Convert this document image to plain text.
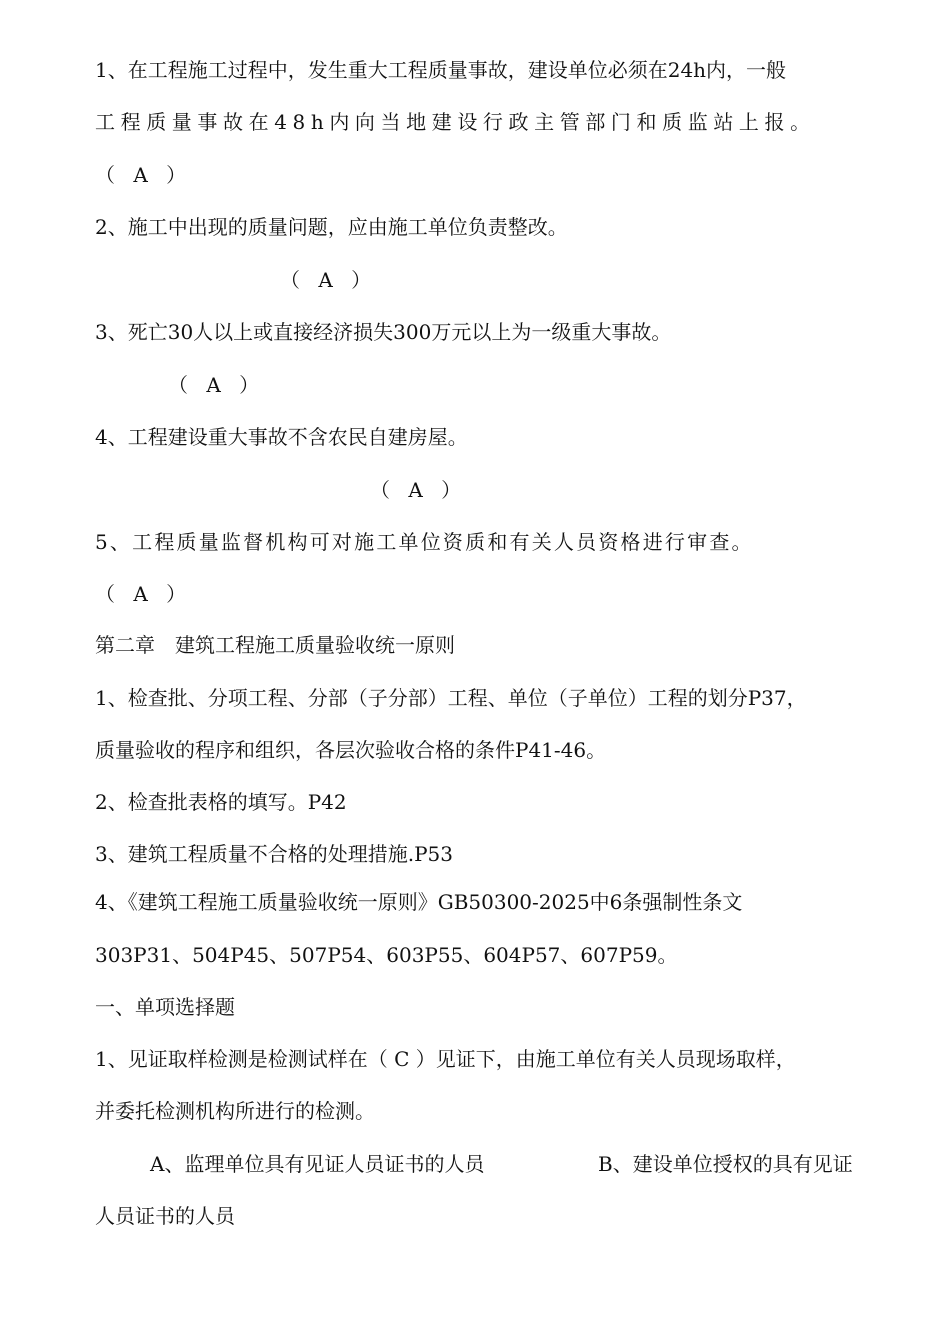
1、在工程施工过程中，发生重大工程质量事故，建设单位必须在24h内，一般

工程质量事故在48h内向当地建设行政主管部门和质监站上报。

（ A ）

2、施工中出现的质量问题，应由施工单位负责整改。

（ A ）

3、死亡30人以上或直接经济损失300万元以上为一级重大事故。

（ A ）

4、工程建设重大事故不含农民自建房屋。

（ A ）

5、工程质量监督机构可对施工单位资质和有关人员资格进行审查。

（ A ）

第二章　建筑工程施工质量验收统一原则

1、检查批、分项工程、分部（子分部）工程、单位（子单位）工程的划分P37，

质量验收的程序和组织，各层次验收合格的条件P41-46。

2、检查批表格的填写。P42

3、建筑工程质量不合格的处理措施.P53

4、《建筑工程施工质量验收统一原则》GB50300-2025中6条强制性条文

303P31、504P45、507P54、603P55、604P57、607P59。

一、单项选择题

1、见证取样检测是检测试样在（ C ）见证下，由施工单位有关人员现场取样，

并委托检测机构所进行的检测。

A、监理单位具有见证人员证书的人员	B、建设单位授权的具有见证

人员证书的人员
